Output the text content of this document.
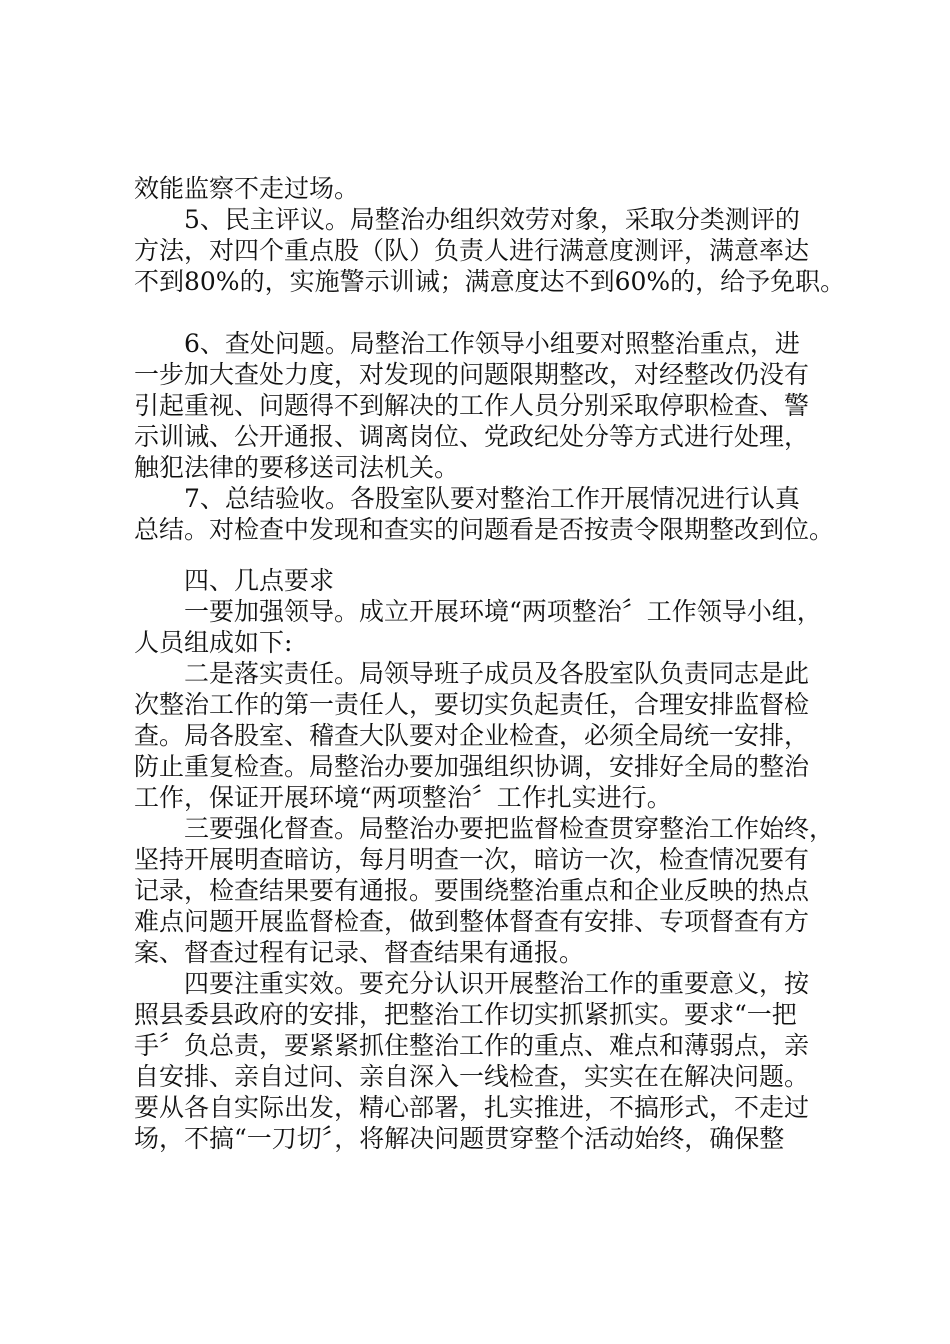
效能监察不走过场。
5、民主评议。局整治办组织效劳对象，采取分类测评的
方法，对四个重点股（队）负责人进行满意度测评，满意率达
不到80%的，实施警示训诫；满意度达不到60%的，给予免职。
6、查处问题。局整治工作领导小组要对照整治重点，进
一步加大查处力度，对发现的问题限期整改，对经整改仍没有
引起重视、问题得不到解决的工作人员分别采取停职检查、警
示训诫、公开通报、调离岗位、党政纪处分等方式进行处理，
触犯法律的要移送司法机关。
7、总结验收。各股室队要对整治工作开展情况进行认真
总结。对检查中发现和查实的问题看是否按责令限期整改到位。
四、几点要求
一要加强领导。成立开展环境“两项整治〞工作领导小组，
人员组成如下:
二是落实责任。局领导班子成员及各股室队负责同志是此
次整治工作的第一责任人，要切实负起责任，合理安排监督检
查。局各股室、稽查大队要对企业检查，必须全局统一安排，
防止重复检查。局整治办要加强组织协调，安排好全局的整治
工作，保证开展环境“两项整治〞工作扎实进行。
三要强化督查。局整治办要把监督检查贯穿整治工作始终，
坚持开展明查暗访，每月明查一次，暗访一次，检查情况要有
记录，检查结果要有通报。要围绕整治重点和企业反映的热点
难点问题开展监督检查，做到整体督查有安排、专项督查有方
案、督查过程有记录、督查结果有通报。
四要注重实效。要充分认识开展整治工作的重要意义，按
照县委县政府的安排，把整治工作切实抓紧抓实。要求“一把
手〞负总责，要紧紧抓住整治工作的重点、难点和薄弱点，亲
自安排、亲自过问、亲自深入一线检查，实实在在解决问题。
要从各自实际出发，精心部署，扎实推进，不搞形式，不走过
场，不搞“一刀切〞，将解决问题贯穿整个活动始终，确保整
